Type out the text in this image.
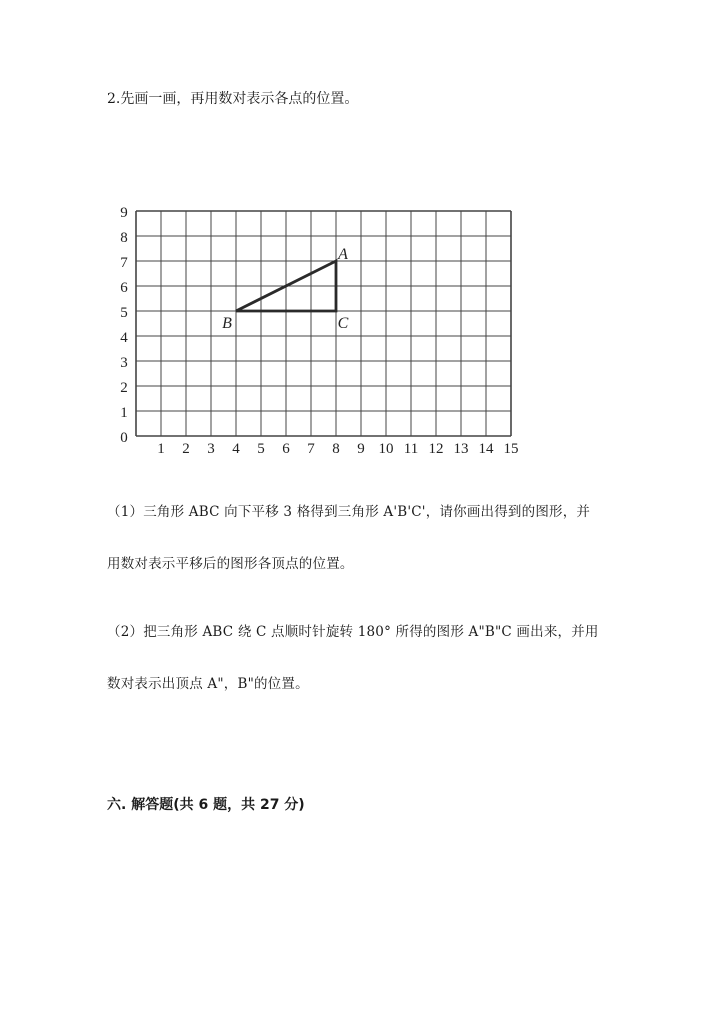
2.先画一画，再用数对表示各点的位置。
0
1 2 3 4 5 6 7 8 9 10 11 12 13 14 15
1
2
3
4
5
6
7
8
9
A
B	C
（1）三角形 ABC 向下平移 3 格得到三角形 A'B'C'，请你画出得到的图形，并
用数对表示平移后的图形各顶点的位置。
（2）把三角形 ABC 绕 C 点顺时针旋转 180° 所得的图形 A"B"C 画出来，并用
数对表示出顶点 A"，B"的位置。
六. 解答题(共 6 题，共 27 分)
